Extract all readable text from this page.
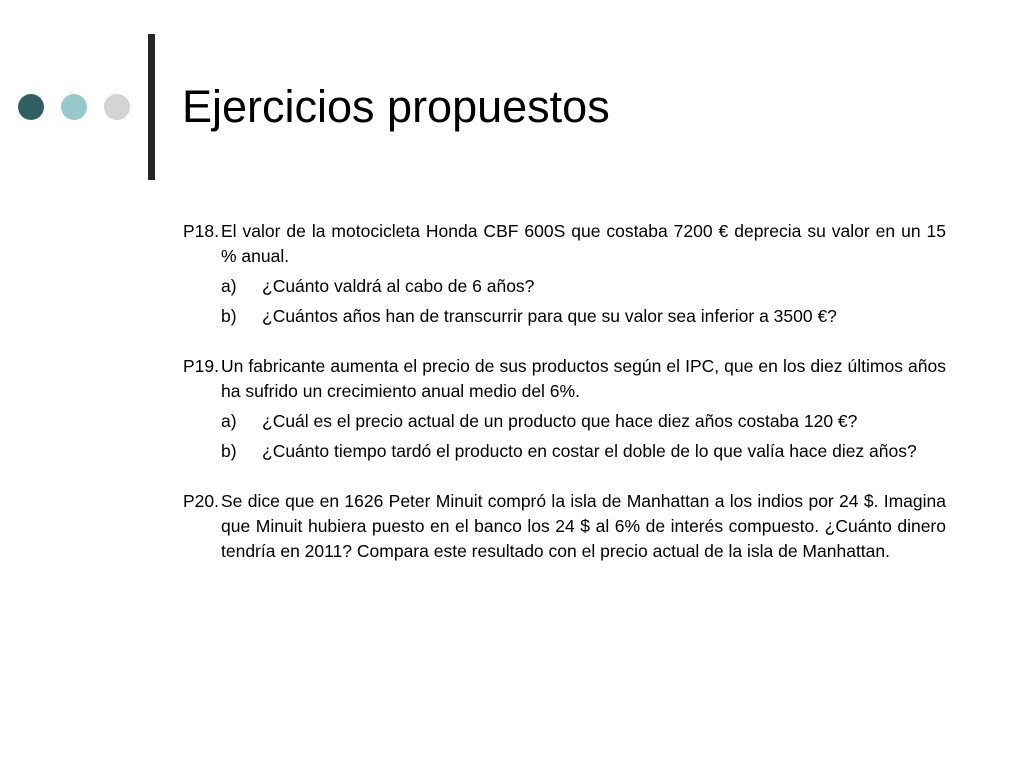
Ejercicios propuestos
P18. El valor de la motocicleta Honda CBF 600S que costaba 7200 € deprecia su valor en un 15 % anual.
a)	¿Cuánto valdrá al cabo de 6 años?
b)	¿Cuántos años han de transcurrir para que su valor sea inferior a 3500 €?
P19. Un fabricante aumenta el precio de sus productos según el IPC, que en los diez últimos años ha sufrido un crecimiento anual medio del 6%.
a)	¿Cuál es el precio actual de un producto que hace diez años costaba 120 €?
b)	¿Cuánto tiempo tardó el producto en costar el doble de lo que valía hace diez años?
P20. Se dice que en 1626 Peter Minuit compró la isla de Manhattan a los indios por 24 $. Imagina que Minuit hubiera puesto en el banco los 24 $ al 6% de interés compuesto. ¿Cuánto dinero tendría en 2011? Compara este resultado con el precio actual de la isla de Manhattan.
